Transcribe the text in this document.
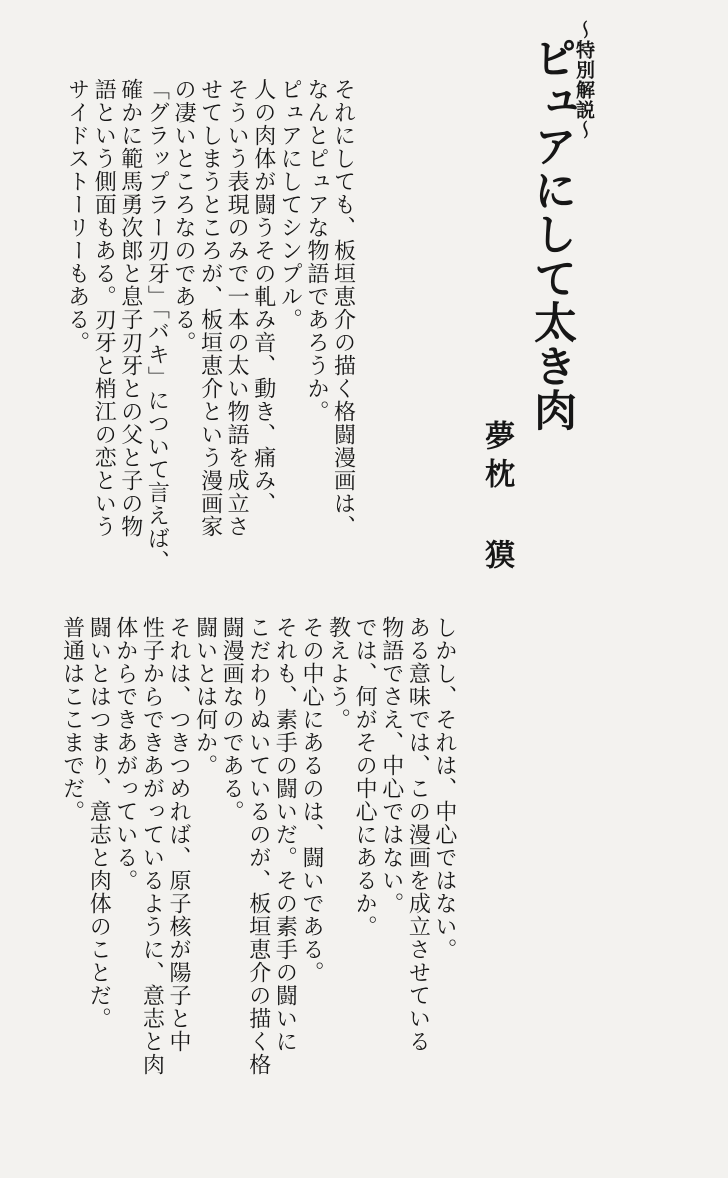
〜特別解説〜
ピュアにして太き肉
夢枕 獏

それにしても、板垣恵介の描く格闘漫画は、

なんとピュアな物語であろうか。

ピュアにしてシンプル。

人の肉体が闘うその軋み音、動き、痛み、

そういう表現のみで一本の太い物語を成立さ

せてしまうところが、板垣恵介という漫画家

の凄いところなのである。

「グラップラー刃牙」「バキ」について言えば、

確かに範馬勇次郎と息子刃牙との父と子の物

語という側面もある。刃牙と梢江の恋という

サイドストーリーもある。

しかし、それは、中心ではない。

ある意味では、この漫画を成立させている

物語でさえ、中心ではない。

では、何がその中心にあるか。

教えよう。

その中心にあるのは、闘いである。

それも、素手の闘いだ。その素手の闘いに

こだわりぬいているのが、板垣恵介の描く格

闘漫画なのである。

闘いとは何か。

それは、つきつめれば、原子核が陽子と中

性子からできあがっているように、意志と肉

体からできあがっている。

闘いとはつまり、意志と肉体のことだ。

普通はここまでだ。
